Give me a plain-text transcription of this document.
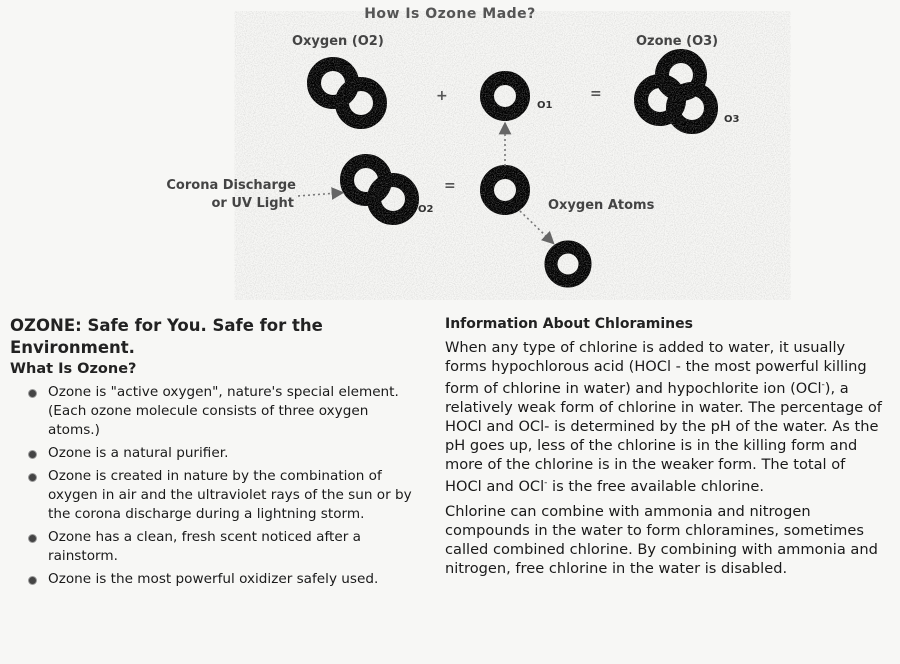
How Is Ozone Made?
Oxygen (O2)	Ozone (O3)
Corona Discharge
or UV Light	Oxygen Atoms
+	=
=
O1
O3
O2
OZONE: Safe for You. Safe for the
Environment.
What Is Ozone?
Ozone is "active oxygen", nature's special element. (Each ozone molecule consists of three oxygen atoms.)
Ozone is a natural purifier.
Ozone is created in nature by the combination of oxygen in air and the ultraviolet rays of the sun or by the corona discharge during a lightning storm.
Ozone has a clean, fresh scent noticed after a rainstorm.
Ozone is the most powerful oxidizer safely used.
Information About Chloramines

When any type of chlorine is added to water, it usually forms hypochlorous acid (HOCl - the most powerful killing form of chlorine in water) and hypochlorite ion (OCl-), a relatively weak form of chlorine in water. The percentage of HOCl and OCl- is determined by the pH of the water. As the pH goes up, less of the chlorine is in the killing form and more of the chlorine is in the weaker form. The total of HOCl and OCl- is the free available chlorine.

Chlorine can combine with ammonia and nitrogen compounds in the water to form chloramines, sometimes called combined chlorine. By combining with ammonia and nitrogen, free chlorine in the water is disabled.
